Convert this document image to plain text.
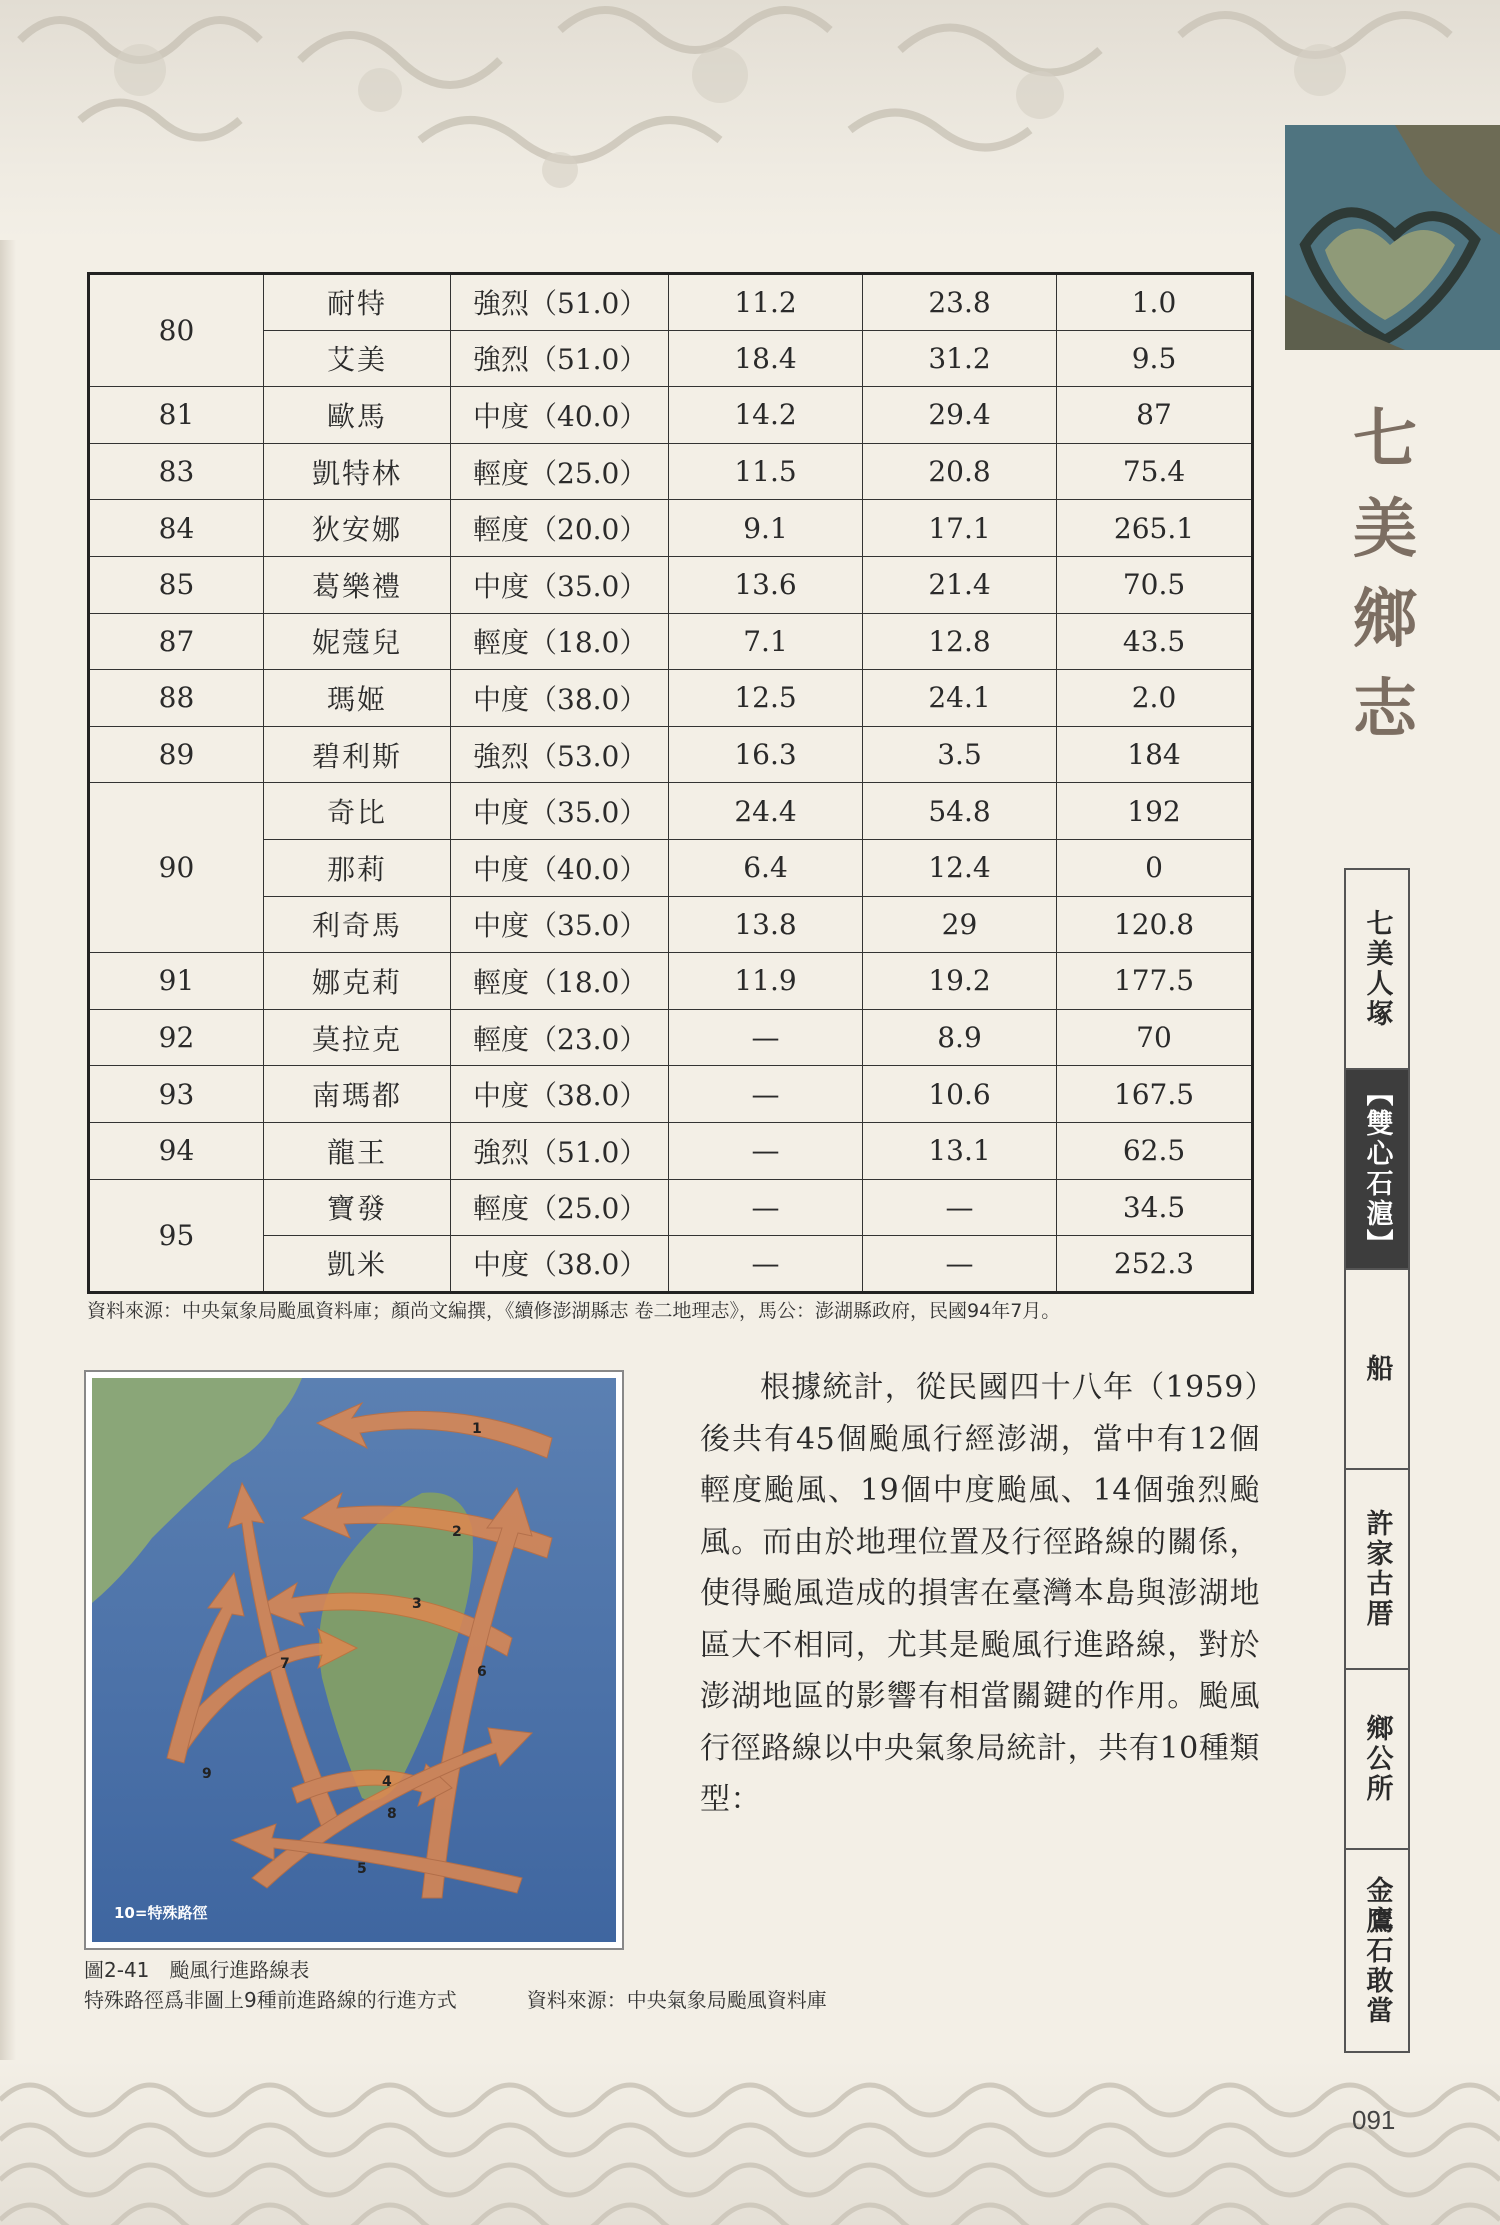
七
美
鄉
志
七美人塚
【雙心石滬】
船
許家古厝
鄉公所
金鷹石敢當
80	耐特	強烈（51.0）	11.2	23.8	1.0
	艾美	強烈（51.0）	18.4	31.2	9.5
81	歐馬	中度（40.0）	14.2	29.4	87
83	凱特林	輕度（25.0）	11.5	20.8	75.4
84	狄安娜	輕度（20.0）	9.1	17.1	265.1
85	葛樂禮	中度（35.0）	13.6	21.4	70.5
87	妮蔻兒	輕度（18.0）	7.1	12.8	43.5
88	瑪姬	中度（38.0）	12.5	24.1	2.0
89	碧利斯	強烈（53.0）	16.3	3.5	184
90	奇比	中度（35.0）	24.4	54.8	192
	那莉	中度（40.0）	6.4	12.4	0
	利奇馬	中度（35.0）	13.8	29	120.8
91	娜克莉	輕度（18.0）	11.9	19.2	177.5
92	莫拉克	輕度（23.0）	—	8.9	70
93	南瑪都	中度（38.0）	—	10.6	167.5
94	龍王	強烈（51.0）	—	13.1	62.5
95	寶發	輕度（25.0）	—	—	34.5
	凱米	中度（38.0）	—	—	252.3
資料來源：中央氣象局颱風資料庫；顏尚文編撰，《續修澎湖縣志 卷二地理志》，馬公：澎湖縣政府，民國94年7月。
1
2
3
4
5
6
7
8
9
10=特殊路徑
圖2-41　颱風行進路線表
特殊路徑爲非圖上9種前進路線的行進方式	資料來源：中央氣象局颱風資料庫
根據統計，從民國四十八年（1959）後共有45個颱風行經澎湖，當中有12個輕度颱風、19個中度颱風、14個強烈颱風。而由於地理位置及行徑路線的關係，使得颱風造成的損害在臺灣本島與澎湖地區大不相同，尤其是颱風行進路線，對於澎湖地區的影響有相當關鍵的作用。颱風行徑路線以中央氣象局統計，共有10種類型：
091
